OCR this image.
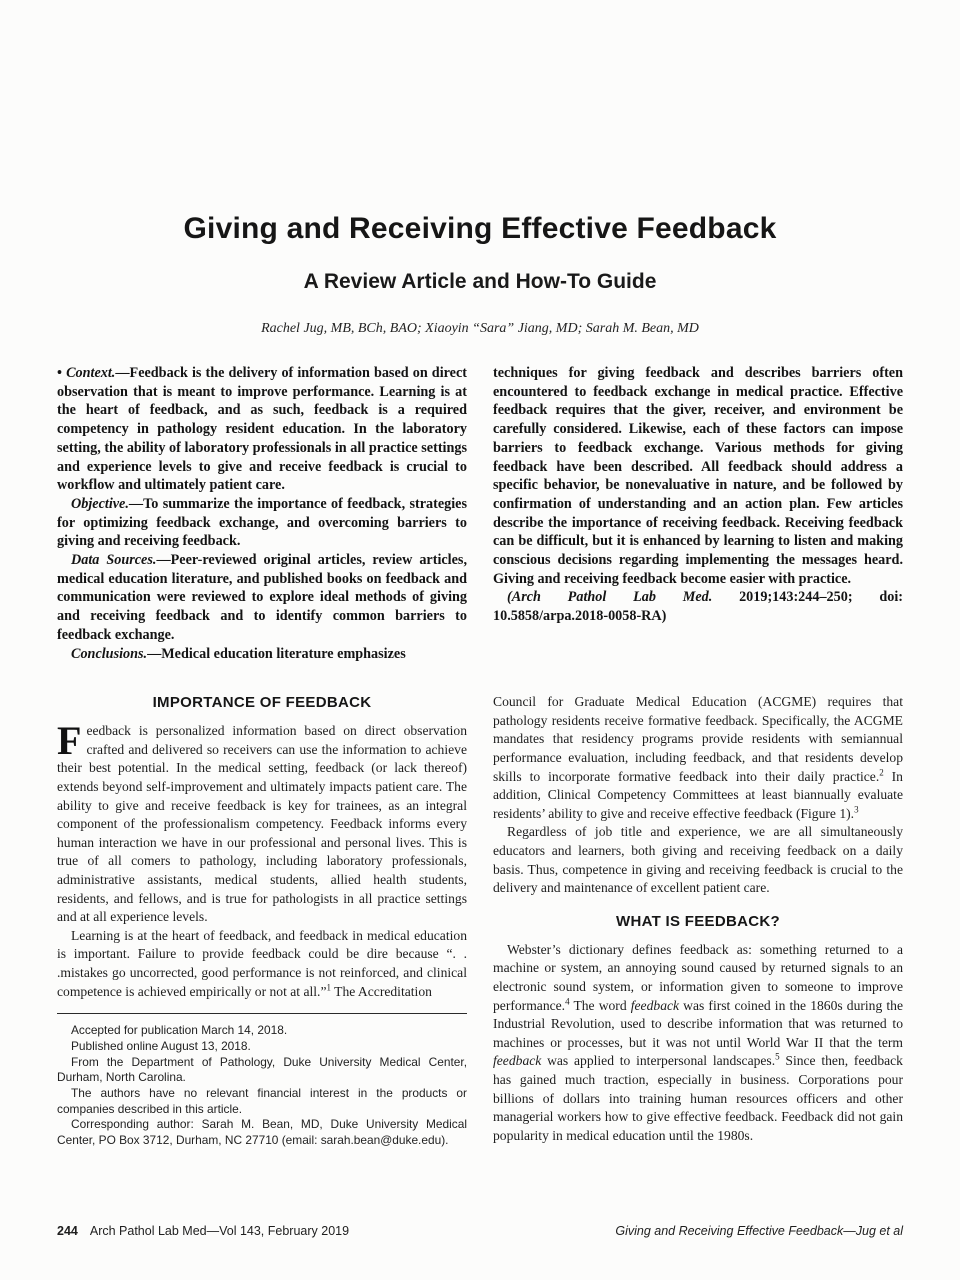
Giving and Receiving Effective Feedback
A Review Article and How-To Guide
Rachel Jug, MB, BCh, BAO; Xiaoyin “Sara” Jiang, MD; Sarah M. Bean, MD

• Context.—Feedback is the delivery of information based on direct observation that is meant to improve performance. Learning is at the heart of feedback, and as such, feedback is a required competency in pathology resident education. In the laboratory setting, the ability of laboratory professionals in all practice settings and experience levels to give and receive feedback is crucial to workflow and ultimately patient care.

Objective.—To summarize the importance of feedback, strategies for optimizing feedback exchange, and overcoming barriers to giving and receiving feedback.

Data Sources.—Peer-reviewed original articles, review articles, medical education literature, and published books on feedback and communication were reviewed to explore ideal methods of giving and receiving feedback and to identify common barriers to feedback exchange.

Conclusions.—Medical education literature emphasizes

techniques for giving feedback and describes barriers often encountered to feedback exchange in medical practice. Effective feedback requires that the giver, receiver, and environment be carefully considered. Likewise, each of these factors can impose barriers to feedback exchange. Various methods for giving feedback have been described. All feedback should address a specific behavior, be nonevaluative in nature, and be followed by confirmation of understanding and an action plan. Few articles describe the importance of receiving feedback. Receiving feedback can be difficult, but it is enhanced by learning to listen and making conscious decisions regarding implementing the messages heard. Giving and receiving feedback become easier with practice.

(Arch Pathol Lab Med. 2019;143:244–250; doi: 10.5858/arpa.2018-0058-RA)

IMPORTANCE OF FEEDBACK

Feedback is personalized information based on direct observation crafted and delivered so receivers can use the information to achieve their best potential. In the medical setting, feedback (or lack thereof) extends beyond self-improvement and ultimately impacts patient care. The ability to give and receive feedback is key for trainees, as an integral component of the professionalism competency. Feedback informs every human interaction we have in our professional and personal lives. This is true of all comers to pathology, including laboratory professionals, administrative assistants, medical students, allied health students, residents, and fellows, and is true for pathologists in all practice settings and at all experience levels.

Learning is at the heart of feedback, and feedback in medical education is important. Failure to provide feedback could be dire because “. . .mistakes go uncorrected, good performance is not reinforced, and clinical competence is achieved empirically or not at all.”$^1$ The Accreditation

Accepted for publication March 14, 2018.

Published online August 13, 2018.

From the Department of Pathology, Duke University Medical Center, Durham, North Carolina.

The authors have no relevant financial interest in the products or companies described in this article.

Corresponding author: Sarah M. Bean, MD, Duke University Medical Center, PO Box 3712, Durham, NC 27710 (email: sarah.bean@duke.edu).

Council for Graduate Medical Education (ACGME) requires that pathology residents receive formative feedback. Specifically, the ACGME mandates that residency programs provide residents with semiannual performance evaluation, including feedback, and that residents develop skills to incorporate formative feedback into their daily practice.$^2$ In addition, Clinical Competency Committees at least biannually evaluate residents’ ability to give and receive effective feedback (Figure 1).$^3$

Regardless of job title and experience, we are all simultaneously educators and learners, both giving and receiving feedback on a daily basis. Thus, competence in giving and receiving feedback is crucial to the delivery and maintenance of excellent patient care.

WHAT IS FEEDBACK?

Webster’s dictionary defines feedback as: something returned to a machine or system, an annoying sound caused by returned signals to an electronic sound system, or information given to someone to improve performance.$^4$ The word feedback was first coined in the 1860s during the Industrial Revolution, used to describe information that was returned to machines or processes, but it was not until World War II that the term feedback was applied to interpersonal landscapes.$^5$ Since then, feedback has gained much traction, especially in business. Corporations pour billions of dollars into training human resources officers and other managerial workers how to give effective feedback. Feedback did not gain popularity in medical education until the 1980s.

244 Arch Pathol Lab Med—Vol 143, February 2019	Giving and Receiving Effective Feedback—Jug et al
